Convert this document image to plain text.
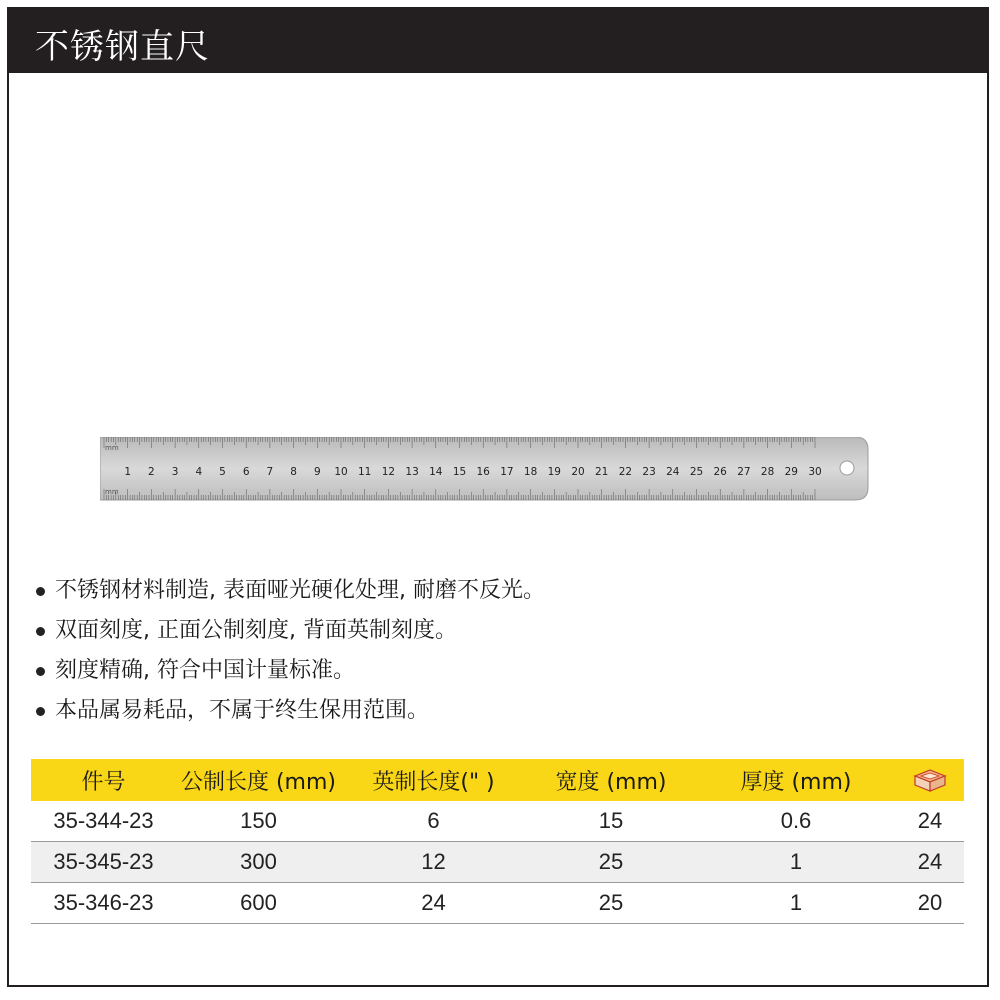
不锈钢直尺
1 2 3 4 5 6 7 8 9 10 11 12 13 14 15 16 17 18 19 20 21 22 23 24 25 26 27 28 29 30
mm
mm
不锈钢材料制造, 表面哑光硬化处理, 耐磨不反光。
双面刻度, 正面公制刻度, 背面英制刻度。
刻度精确, 符合中国计量标准。
本品属易耗品，不属于终生保用范围。
件号	公制长度 (mm)	英制长度(" )	宽度 (mm)	厚度 (mm)	
35-344-23	150	6	15	0.6	24
35-345-23	300	12	25	1	24
35-346-23	600	24	25	1	20
